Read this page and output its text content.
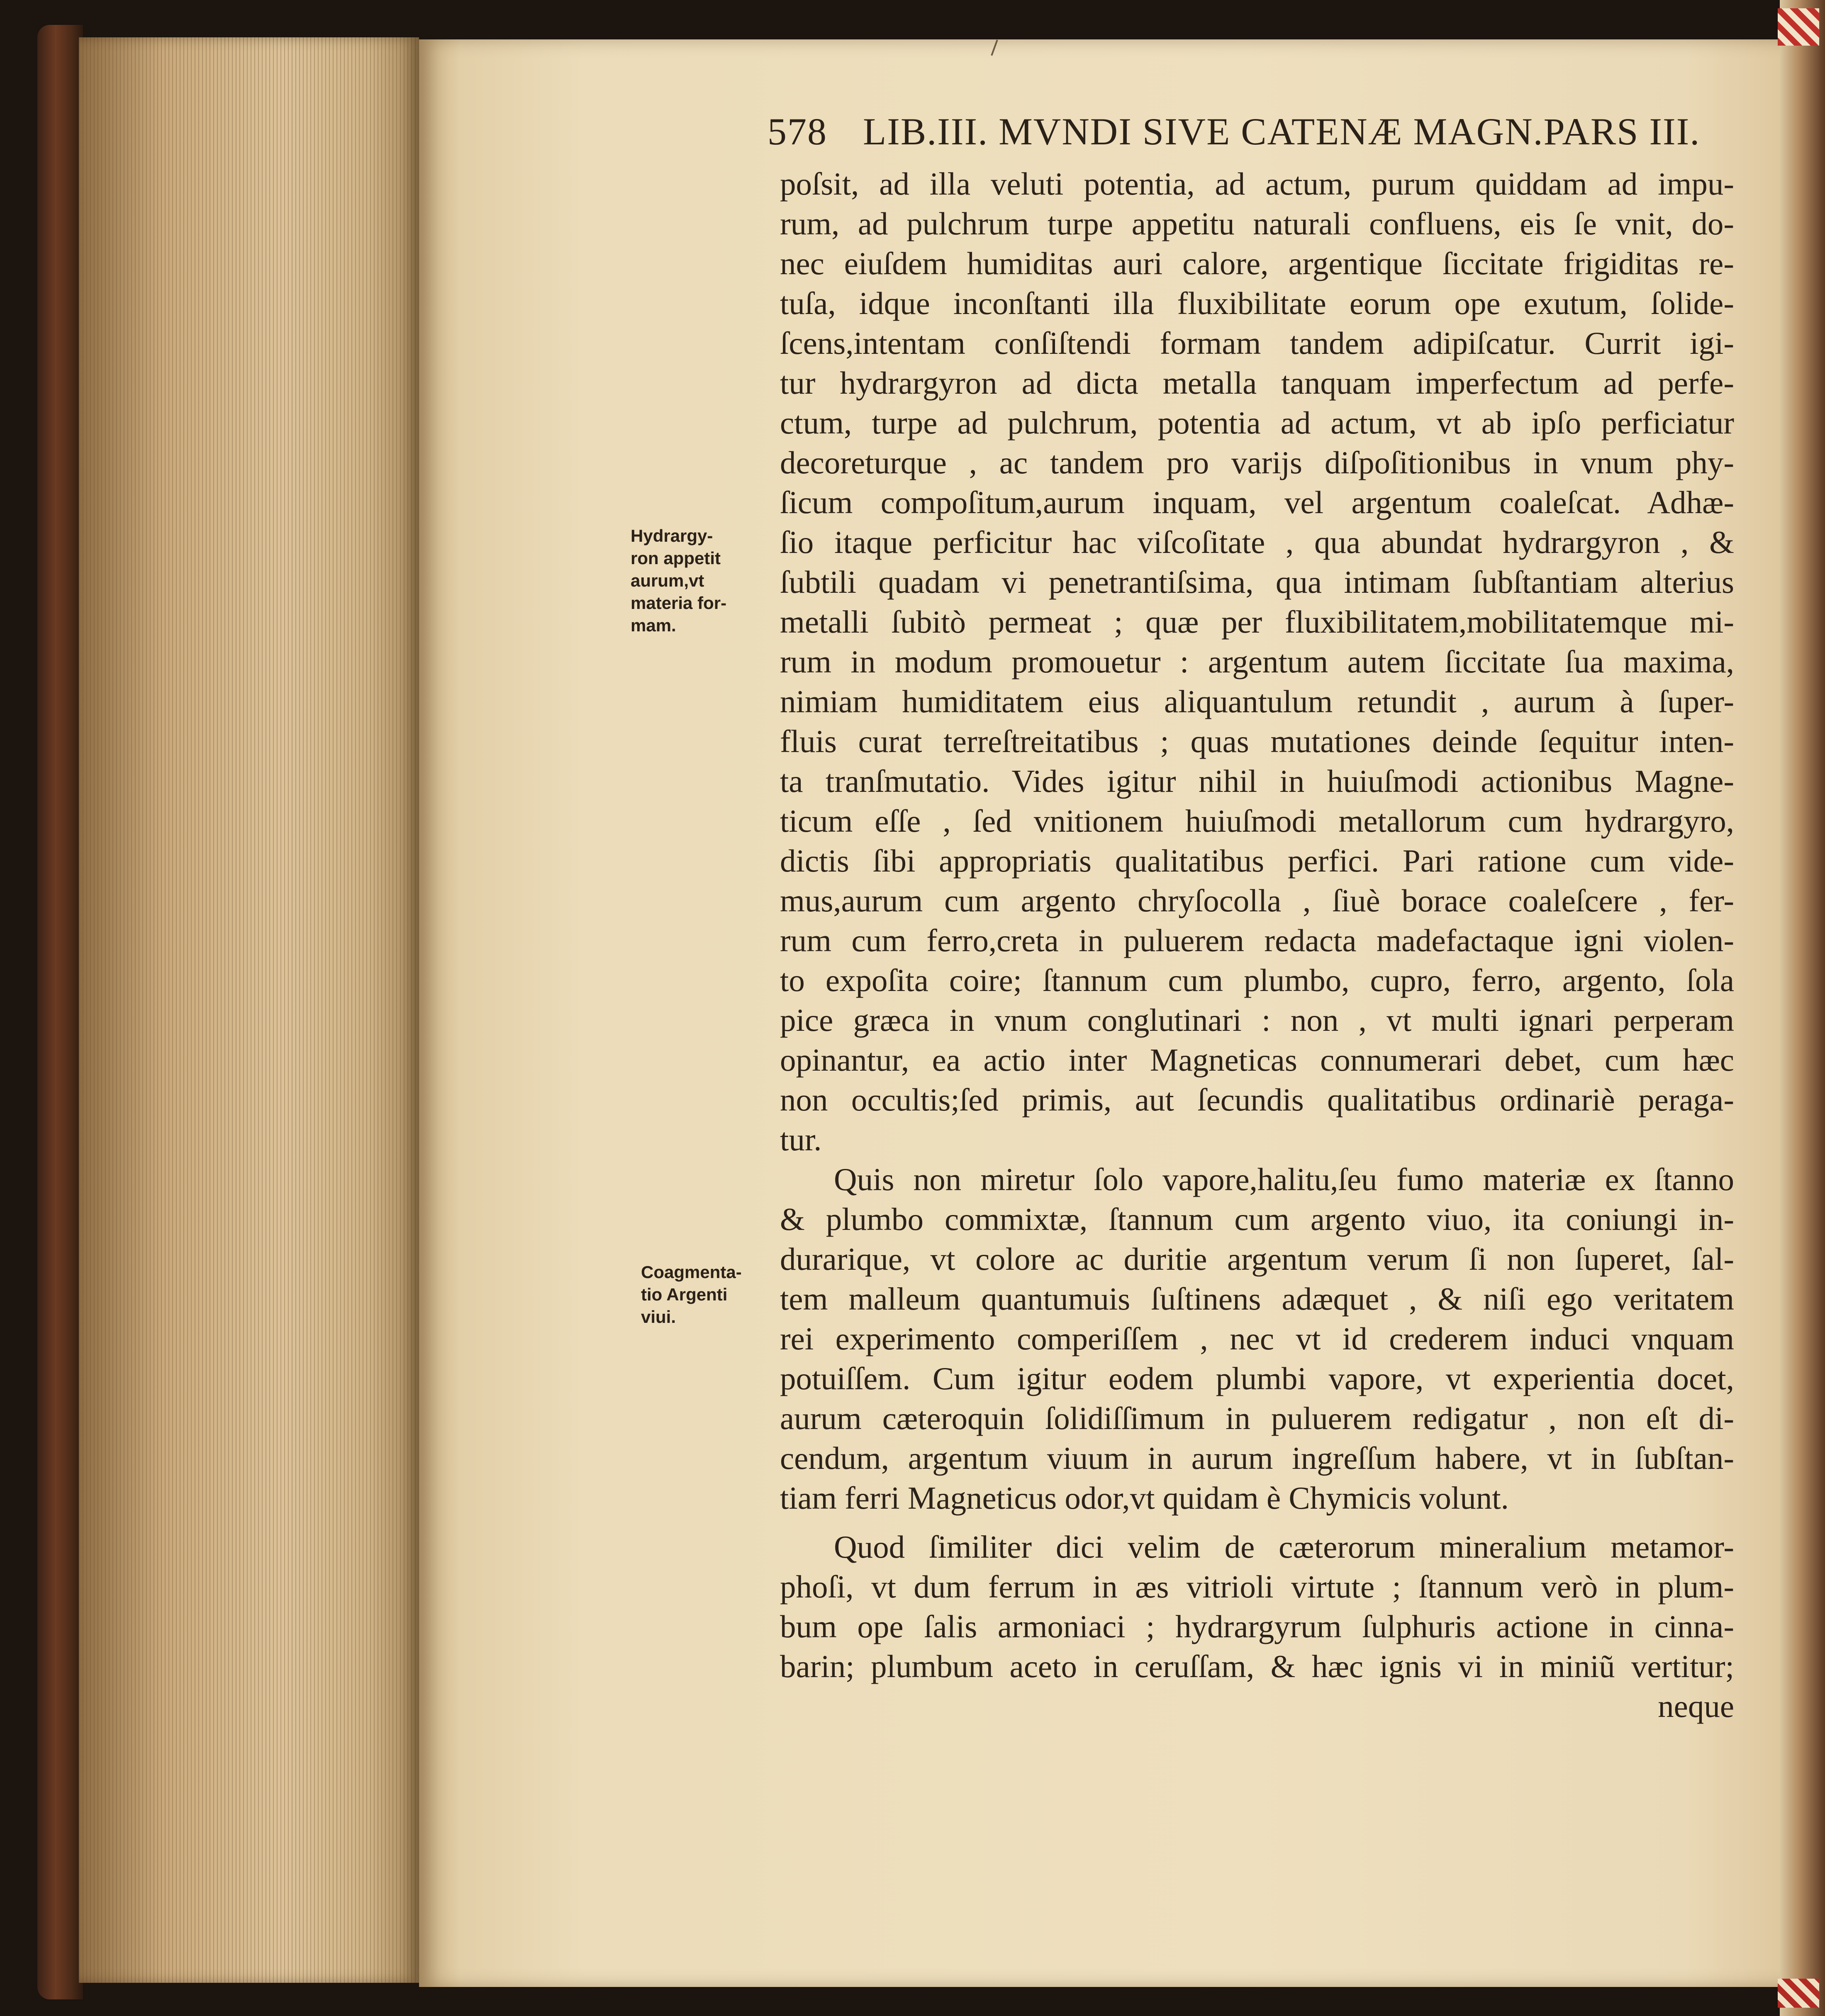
578 LIB.III. MVNDI SIVE CATENÆ MAGN.PARS III.
Hydrargy-
ron appetit
aurum,vt
materia for-
mam.
Coagmenta-
tio Argenti
viui.
poſsit, ad illa veluti potentia, ad actum, purum quiddam ad impu-
rum, ad pulchrum turpe appetitu naturali confluens, eis ſe vnit, do-
nec eiuſdem humiditas auri calore, argentique ſiccitate frigiditas re-
tuſa, idque inconſtanti illa fluxibilitate eorum ope exutum, ſolide-
ſcens,intentam conſiſtendi formam tandem adipiſcatur. Currit igi-
tur hydrargyron ad dicta metalla tanquam imperfectum ad perfe-
ctum, turpe ad pulchrum, potentia ad actum, vt ab ipſo perficiatur
decoreturque , ac tandem pro varijs diſpoſitionibus in vnum phy-
ſicum compoſitum,aurum inquam, vel argentum coaleſcat. Adhæ-
ſio itaque perficitur hac viſcoſitate , qua abundat hydrargyron , &
ſubtili quadam vi penetrantiſsima, qua intimam ſubſtantiam alterius
metalli ſubitò permeat ; quæ per fluxibilitatem,mobilitatemque mi-
rum in modum promouetur : argentum autem ſiccitate ſua maxima,
nimiam humiditatem eius aliquantulum retundit , aurum à ſuper-
fluis curat terreſtreitatibus ; quas mutationes deinde ſequitur inten-
ta tranſmutatio. Vides igitur nihil in huiuſmodi actionibus Magne-
ticum eſſe , ſed vnitionem huiuſmodi metallorum cum hydrargyro,
dictis ſibi appropriatis qualitatibus perfici. Pari ratione cum vide-
mus,aurum cum argento chryſocolla , ſiuè borace coaleſcere , fer-
rum cum ferro,creta in puluerem redacta madefactaque igni violen-
to expoſita coire; ſtannum cum plumbo, cupro, ferro, argento, ſola
pice græca in vnum conglutinari : non , vt multi ignari perperam
opinantur, ea actio inter Magneticas connumerari debet, cum hæc
non occultis;ſed primis, aut ſecundis qualitatibus ordinariè peraga-
tur.
Quis non miretur ſolo vapore,halitu,ſeu fumo materiæ ex ſtanno
& plumbo commixtæ, ſtannum cum argento viuo, ita coniungi in-
durarique, vt colore ac duritie argentum verum ſi non ſuperet, ſal-
tem malleum quantumuis ſuſtinens adæquet , & niſi ego veritatem
rei experimento comperiſſem , nec vt id crederem induci vnquam
potuiſſem. Cum igitur eodem plumbi vapore, vt experientia docet,
aurum cæteroquin ſolidiſſimum in puluerem redigatur , non eſt di-
cendum, argentum viuum in aurum ingreſſum habere, vt in ſubſtan-
tiam ferri Magneticus odor,vt quidam è Chymicis volunt.
Quod ſimiliter dici velim de cæterorum mineralium metamor-
phoſi, vt dum ferrum in æs vitrioli virtute ; ſtannum verò in plum-
bum ope ſalis armoniaci ; hydrargyrum ſulphuris actione in cinna-
barin; plumbum aceto in ceruſſam, & hæc ignis vi in miniũ vertitur;
neque
